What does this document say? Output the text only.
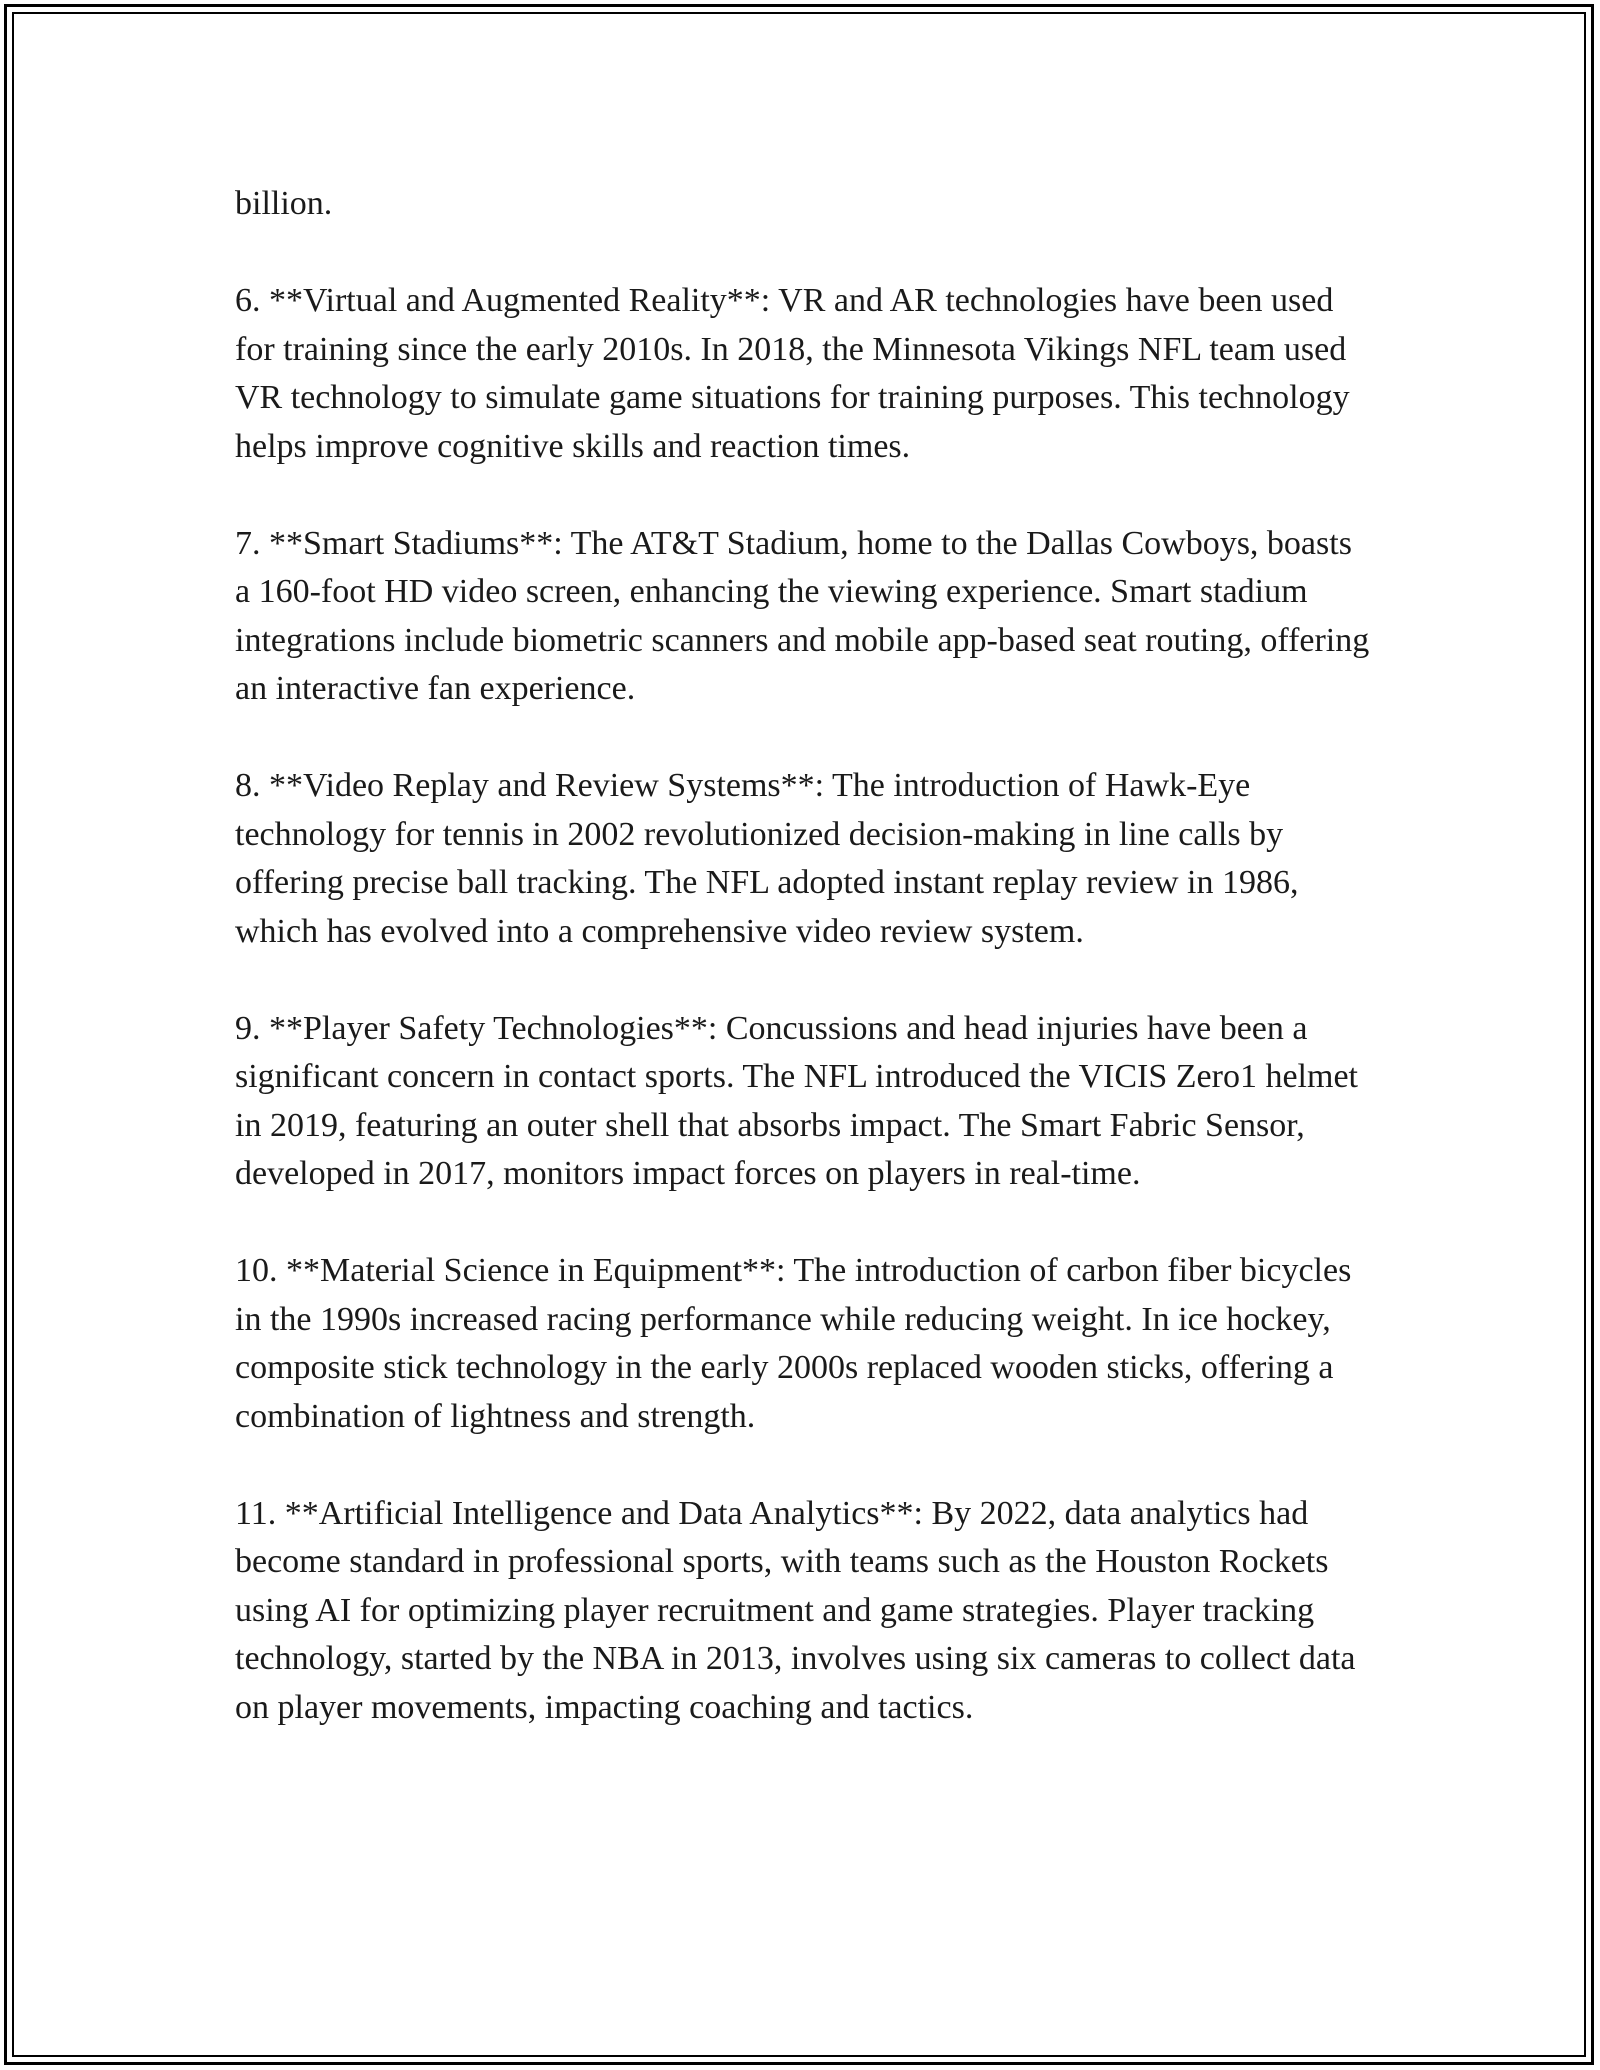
billion.

6. **Virtual and Augmented Reality**: VR and AR technologies have been used for training since the early 2010s. In 2018, the Minnesota Vikings NFL team used VR technology to simulate game situations for training purposes. This technology helps improve cognitive skills and reaction times.

7. **Smart Stadiums**: The AT&T Stadium, home to the Dallas Cowboys, boasts a 160-foot HD video screen, enhancing the viewing experience. Smart stadium integrations include biometric scanners and mobile app-based seat routing, offering an interactive fan experience.

8. **Video Replay and Review Systems**: The introduction of Hawk-Eye technology for tennis in 2002 revolutionized decision-making in line calls by offering precise ball tracking. The NFL adopted instant replay review in 1986, which has evolved into a comprehensive video review system.

9. **Player Safety Technologies**: Concussions and head injuries have been a significant concern in contact sports. The NFL introduced the VICIS Zero1 helmet in 2019, featuring an outer shell that absorbs impact. The Smart Fabric Sensor, developed in 2017, monitors impact forces on players in real-time.

10. **Material Science in Equipment**: The introduction of carbon fiber bicycles in the 1990s increased racing performance while reducing weight. In ice hockey, composite stick technology in the early 2000s replaced wooden sticks, offering a combination of lightness and strength.

11. **Artificial Intelligence and Data Analytics**: By 2022, data analytics had become standard in professional sports, with teams such as the Houston Rockets using AI for optimizing player recruitment and game strategies. Player tracking technology, started by the NBA in 2013, involves using six cameras to collect data on player movements, impacting coaching and tactics.
